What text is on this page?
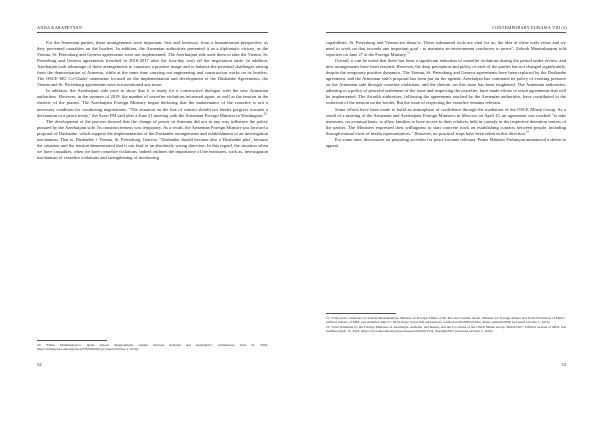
ANNA KARAPETYAN

For the Armenian parties, these arrangements were important, first and foremost, from a humanitarian perspective, as they prevented casualties on the borders. In addition, the Armenian authorities presented it as a diplomatic victory, as the Vienna, St. Petersburg and Geneva agreements were not implemented. The Azerbaijani side used them to take the Vienna, St. Petersburg and Geneva agreements (reached in 2016-2017 after the four-day war) off the negotiation table. In addition, Azerbaijan took advantage of these arrangements to construct a positive image and to balance the potential challenges arising from the demonstration of Armenia, while at the same time carrying out engineering and construction works on its borders. The OSCE MG Co-Chairs' statements focused on the implementation and development of the Dushanbe Agreements, the Vienna and St. Petersburg agreements were not mentioned any more.

In addition, the Azerbaijani side tried to show that it is ready for a constructive dialogue with the new Armenian authorities. However, in the summer of 2019, the number of ceasefire violations increased again, as well as the tension in the rhetoric of the parties. The Azerbaijani Foreign Ministry began declaring that the maintenance of the ceasefire is not a necessary condition for conducting negotiations. "The situation on the line of contact should not hinder progress towards a declaration or a peace treaty," the Azeri FM said after a June 21 meeting with the Armenian Foreign Minister in Washington.$^{20}$

The development of the process showed that the change of power in Armenia did not in any way influence the policy pursued by the Azerbaijani side. Its constructiveness was temporary. As a result, the Armenian Foreign Ministry put forward a proposal of Dushanbe, which suppose the implementation of the Dushanbe arrangements and establishment of an investigation mechanism. That is, Dushanbe + Vienna, St. Petersburg, Geneva. "Dushanbe should become also a 'Dushanbe plus', because the situation and the tension demonstrated that it can lead to an absolutely wrong direction. In this regard, the situation when we have casualties, when we have ceasefire violations, indeed outlines the importance of the measures, such as, investigation mechanism of ceasefire violations and strengthening of monitoring

20 "Elmar Mammadyarov: Quite serious disagreements remain between Armenia and Azerbaijan", Armenpress, June 21, 2019, https://armenpress.am/eng/news/978598.html (accessed October 1, 2019).
52
CONTEMPORARY EURASIA VIII (2)

capabilities. St. Petersburg and Vienna are about it. These substantial tools are vital for us, the idea of these tools exists and we need to work on that towards one important goal - to maintain an environment conducive to peace", Zohrab Mnatsakanyan told reporters on June 27 at the Foreign Ministry.$^{21}$

Overall, it can be noted that there has been a significant reduction of ceasefire violations during the period under review, and new arrangements have been reached. However, the deep perception and policy of each of the parties has not changed significantly, despite the temporary positive dynamics. The Vienna, St. Petersburg and Geneva agreements have been replaced by the Dushanbe agreement, and the Armenian side's proposal has been put on the agenda. Azerbaijan has continued its policy of exerting pressure on the Armenian side through ceasefire violations, and the rhetoric on this issue has been toughened. The Armenian authorities, adhering to a policy of peaceful settlement of the issue and respecting the ceasefire, have made efforts to reach agreements that will be implemented. The Artsakh authorities, following the agreements reached by the Armenian authorities, have contributed to the reduction of the tension on the border. But the issue of respecting the ceasefire remains relevant.

Some efforts have been made to build an atmosphere of confidence through the mediation of the OSCE Minsk Group. As a result of a meeting of the Armenian and Azerbaijani Foreign Ministers in Moscow on April 15, an agreement was reached "to take measures, on a mutual basis, to allow families to have access to their relatives held in custody in the respective detention centers of the parties. The Ministers expressed their willingness to start concrete work on establishing contacts between people, including through mutual visits of media representatives." However, no practical steps have been taken in this direction.$^{22}$

For some time, discussions on preparing societies for peace became relevant. Prime Minister Pashinyan announced a desire to appeal

21 "Joint press conference of Zohrab Mnatsakanyan, Minister of Foreign Affairs of the RA and Carmelo Abela, Minister for Foreign Affairs and Trade Promotion of Malta", Official website of MFA, last modified June 27, 2019, https://www.mfa.am/en/press-conference/2019/06/27/mfa_Malta_minister/9630 (accessed October 1, 2019).
22 "Joint Statement by the Foreign Ministers of Azerbaijan, Armenia, and Russia, and the Co-Chairs of the OSCE Minsk Group, MOSCOW", Official website of MFA, last modified April 15, 2019, https://www.mfa.am/en/press-releases/2019/04/15/ik_meeting/9391 (accessed October 1, 2019).
53
